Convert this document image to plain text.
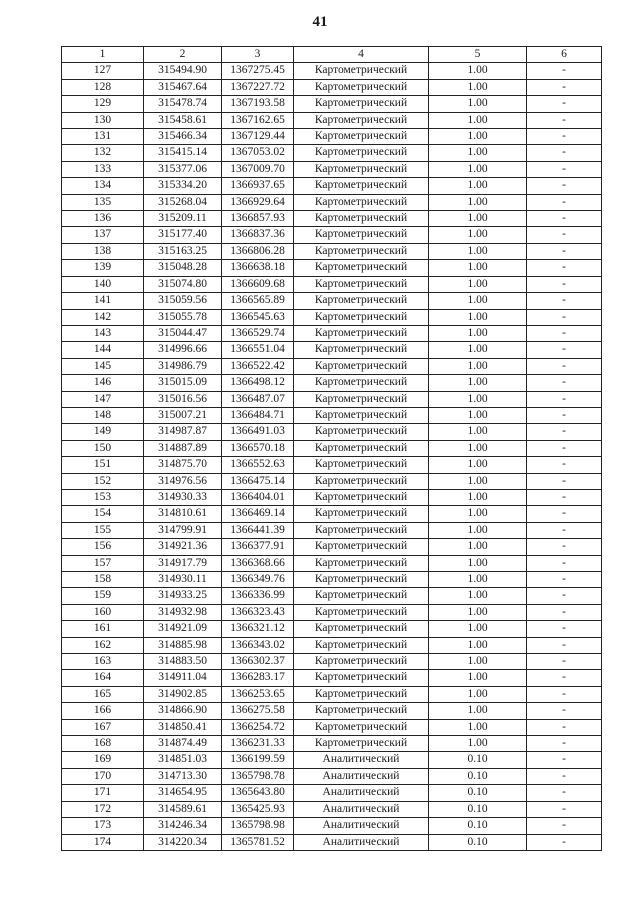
41
1	2	3	4	5	6
127	315494.90	1367275.45	Картометрический	1.00	-
128	315467.64	1367227.72	Картометрический	1.00	-
129	315478.74	1367193.58	Картометрический	1.00	-
130	315458.61	1367162.65	Картометрический	1.00	-
131	315466.34	1367129.44	Картометрический	1.00	-
132	315415.14	1367053.02	Картометрический	1.00	-
133	315377.06	1367009.70	Картометрический	1.00	-
134	315334.20	1366937.65	Картометрический	1.00	-
135	315268.04	1366929.64	Картометрический	1.00	-
136	315209.11	1366857.93	Картометрический	1.00	-
137	315177.40	1366837.36	Картометрический	1.00	-
138	315163.25	1366806.28	Картометрический	1.00	-
139	315048.28	1366638.18	Картометрический	1.00	-
140	315074.80	1366609.68	Картометрический	1.00	-
141	315059.56	1366565.89	Картометрический	1.00	-
142	315055.78	1366545.63	Картометрический	1.00	-
143	315044.47	1366529.74	Картометрический	1.00	-
144	314996.66	1366551.04	Картометрический	1.00	-
145	314986.79	1366522.42	Картометрический	1.00	-
146	315015.09	1366498.12	Картометрический	1.00	-
147	315016.56	1366487.07	Картометрический	1.00	-
148	315007.21	1366484.71	Картометрический	1.00	-
149	314987.87	1366491.03	Картометрический	1.00	-
150	314887.89	1366570.18	Картометрический	1.00	-
151	314875.70	1366552.63	Картометрический	1.00	-
152	314976.56	1366475.14	Картометрический	1.00	-
153	314930.33	1366404.01	Картометрический	1.00	-
154	314810.61	1366469.14	Картометрический	1.00	-
155	314799.91	1366441.39	Картометрический	1.00	-
156	314921.36	1366377.91	Картометрический	1.00	-
157	314917.79	1366368.66	Картометрический	1.00	-
158	314930.11	1366349.76	Картометрический	1.00	-
159	314933.25	1366336.99	Картометрический	1.00	-
160	314932.98	1366323.43	Картометрический	1.00	-
161	314921.09	1366321.12	Картометрический	1.00	-
162	314885.98	1366343.02	Картометрический	1.00	-
163	314883.50	1366302.37	Картометрический	1.00	-
164	314911.04	1366283.17	Картометрический	1.00	-
165	314902.85	1366253.65	Картометрический	1.00	-
166	314866.90	1366275.58	Картометрический	1.00	-
167	314850.41	1366254.72	Картометрический	1.00	-
168	314874.49	1366231.33	Картометрический	1.00	-
169	314851.03	1366199.59	Аналитический	0.10	-
170	314713.30	1365798.78	Аналитический	0.10	-
171	314654.95	1365643.80	Аналитический	0.10	-
172	314589.61	1365425.93	Аналитический	0.10	-
173	314246.34	1365798.98	Аналитический	0.10	-
174	314220.34	1365781.52	Аналитический	0.10	-
